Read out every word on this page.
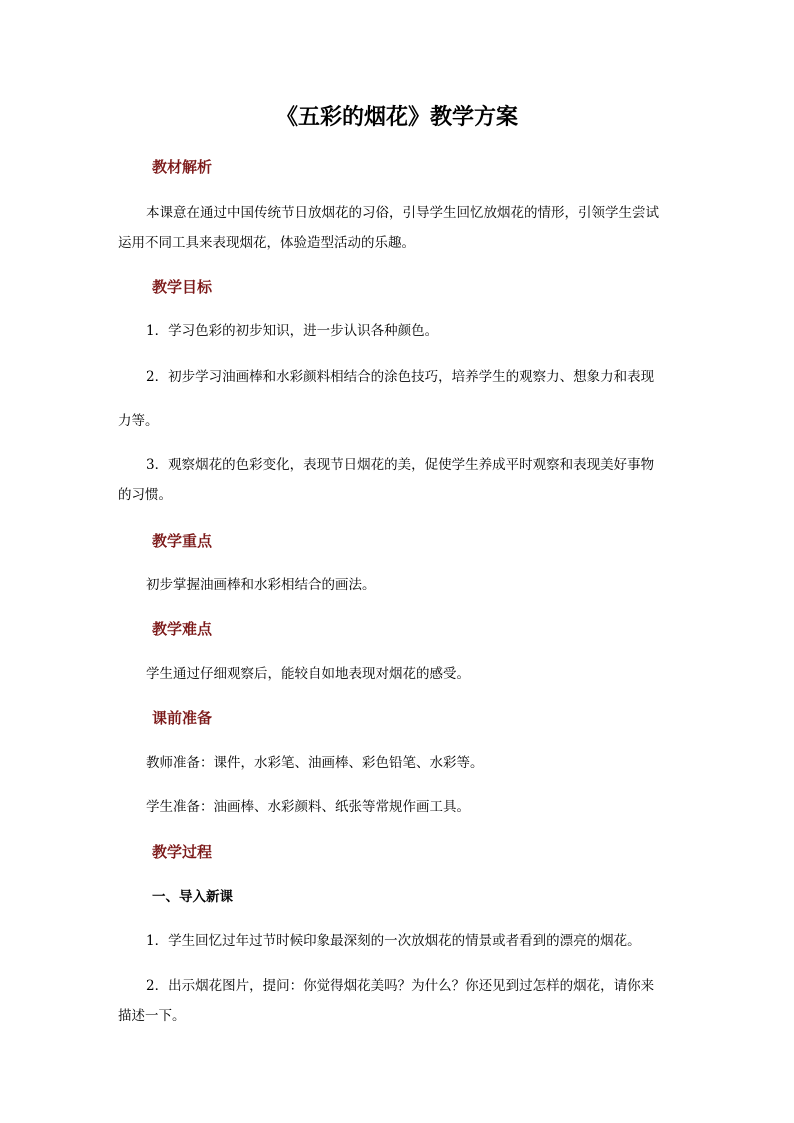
《五彩的烟花》教学方案
教材解析
本课意在通过中国传统节日放烟花的习俗，引导学生回忆放烟花的情形，引领学生尝试
运用不同工具来表现烟花，体验造型活动的乐趣。
教学目标
1．学习色彩的初步知识，进一步认识各种颜色。
2．初步学习油画棒和水彩颜料相结合的涂色技巧，培养学生的观察力、想象力和表现
力等。
3．观察烟花的色彩变化，表现节日烟花的美，促使学生养成平时观察和表现美好事物
的习惯。
教学重点
初步掌握油画棒和水彩相结合的画法。
教学难点
学生通过仔细观察后，能较自如地表现对烟花的感受。
课前准备
教师准备：课件，水彩笔、油画棒、彩色铅笔、水彩等。
学生准备：油画棒、水彩颜料、纸张等常规作画工具。
教学过程
一、导入新课
1．学生回忆过年过节时候印象最深刻的一次放烟花的情景或者看到的漂亮的烟花。
2．出示烟花图片，提问：你觉得烟花美吗？为什么？你还见到过怎样的烟花，请你来
描述一下。
